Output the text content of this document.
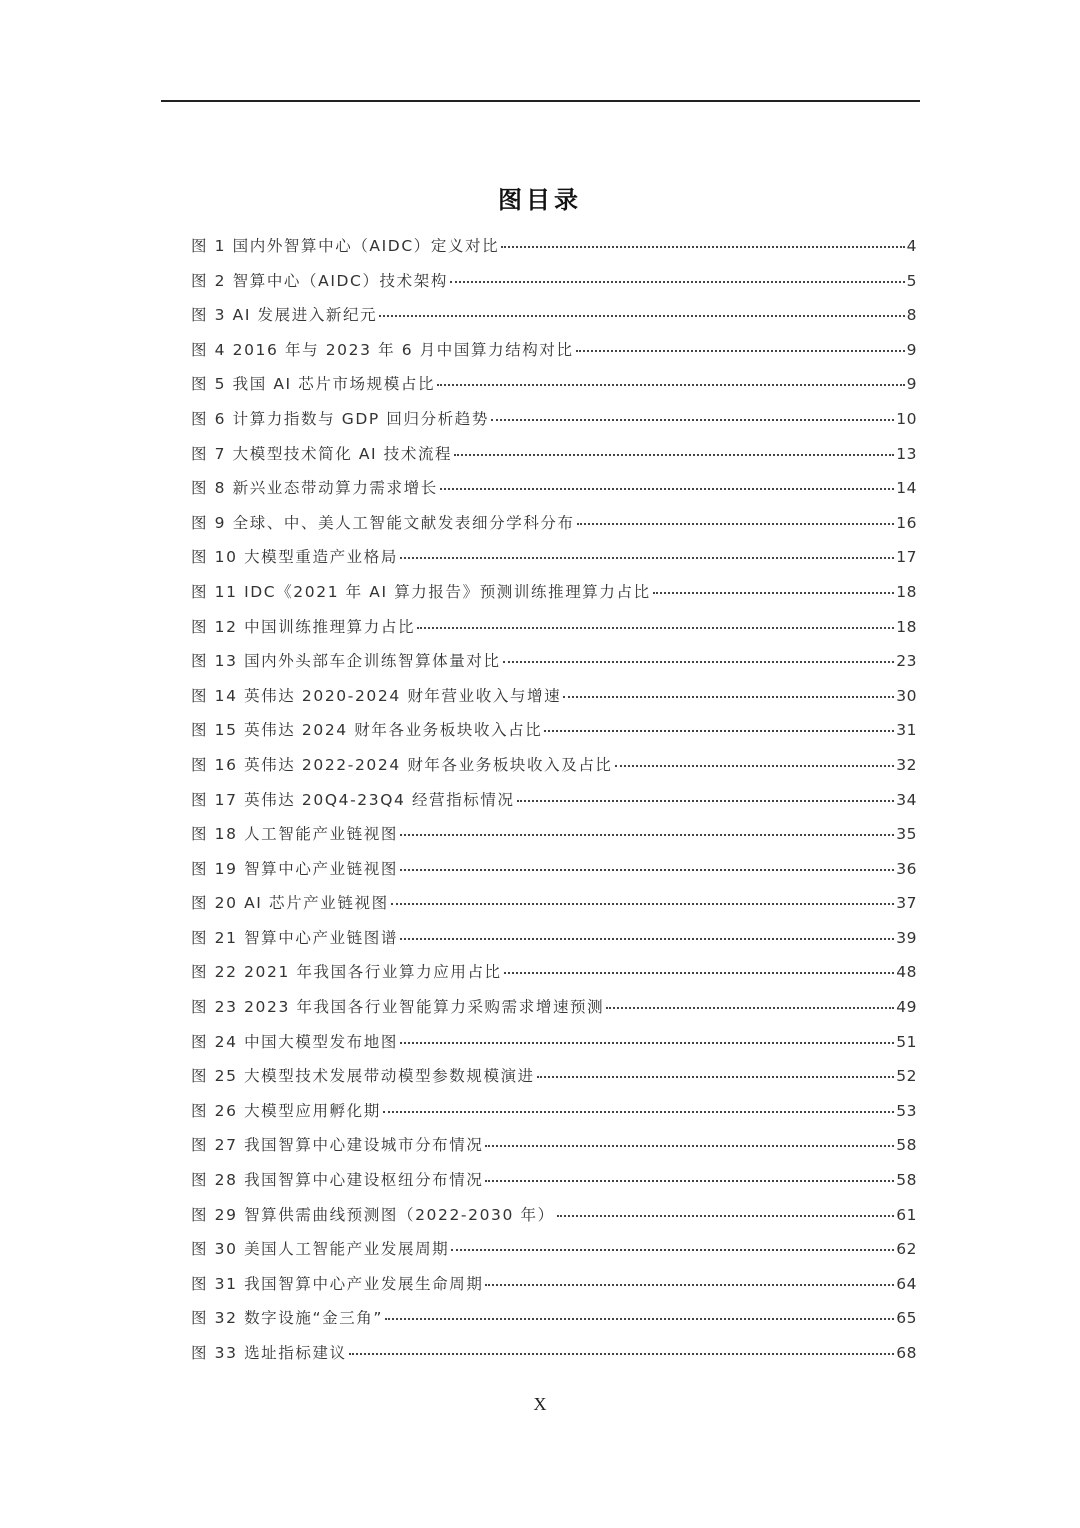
图目录
图 1 国内外智算中心（AIDC）定义对比	4
图 2 智算中心（AIDC）技术架构	5
图 3 AI 发展进入新纪元	8
图 4 2016 年与 2023 年 6 月中国算力结构对比	9
图 5 我国 AI 芯片市场规模占比	9
图 6 计算力指数与 GDP 回归分析趋势	10
图 7 大模型技术简化 AI 技术流程	13
图 8 新兴业态带动算力需求增长	14
图 9 全球、中、美人工智能文献发表细分学科分布	16
图 10 大模型重造产业格局	17
图 11 IDC《2021 年 AI 算力报告》预测训练推理算力占比	18
图 12 中国训练推理算力占比	18
图 13 国内外头部车企训练智算体量对比	23
图 14 英伟达 2020-2024 财年营业收入与增速	30
图 15 英伟达 2024 财年各业务板块收入占比	31
图 16 英伟达 2022-2024 财年各业务板块收入及占比	32
图 17 英伟达 20Q4-23Q4 经营指标情况	34
图 18 人工智能产业链视图	35
图 19 智算中心产业链视图	36
图 20 AI 芯片产业链视图	37
图 21 智算中心产业链图谱	39
图 22 2021 年我国各行业算力应用占比	48
图 23 2023 年我国各行业智能算力采购需求增速预测	49
图 24 中国大模型发布地图	51
图 25 大模型技术发展带动模型参数规模演进	52
图 26 大模型应用孵化期	53
图 27 我国智算中心建设城市分布情况	58
图 28 我国智算中心建设枢纽分布情况	58
图 29 智算供需曲线预测图（2022-2030 年）	61
图 30 美国人工智能产业发展周期	62
图 31 我国智算中心产业发展生命周期	64
图 32 数字设施“金三角”	65
图 33 选址指标建议	68
X
